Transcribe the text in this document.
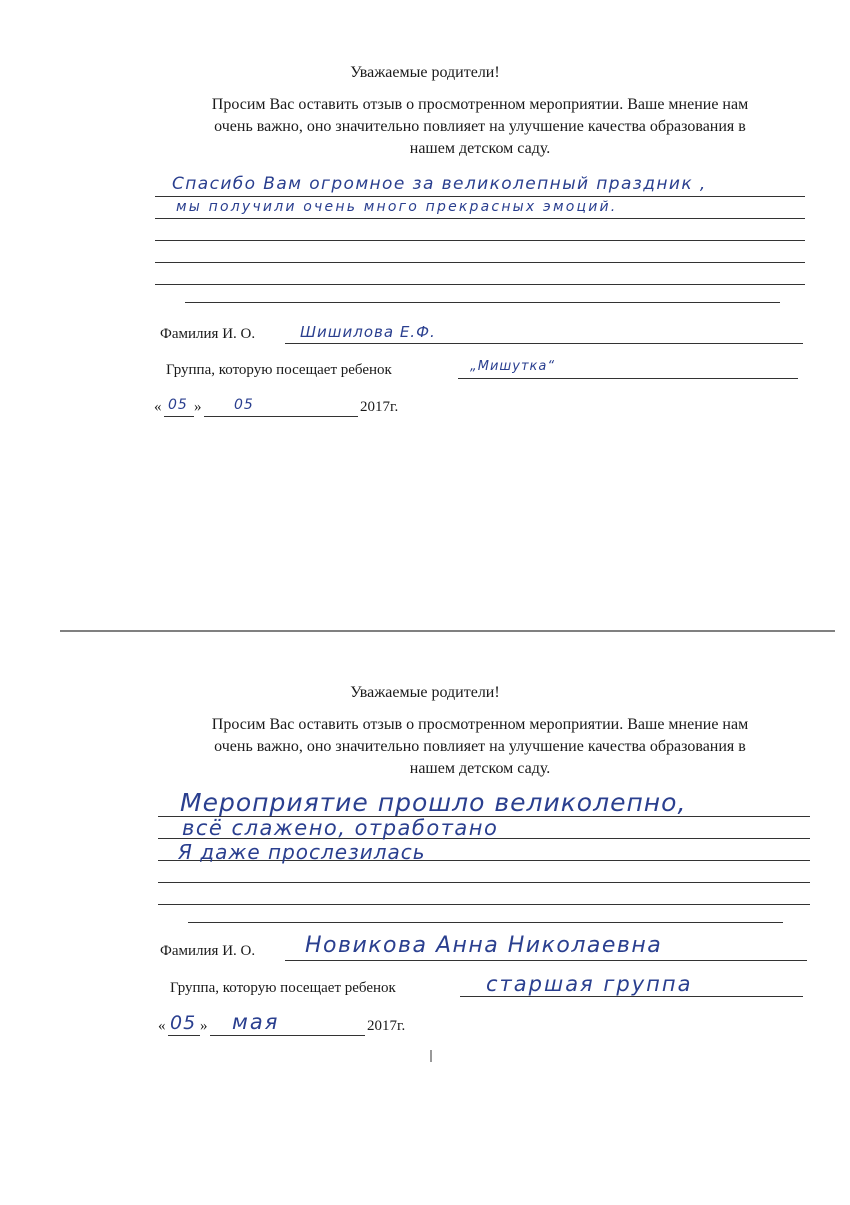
Уважаемые родители!
Просим Вас оставить отзыв о просмотренном мероприятии. Ваше мнение нам
очень важно, оно значительно повлияет на улучшение качества образования в
нашем детском саду.
Спасибо Вам огромное за великолепный праздник ,
мы получили очень много прекрасных эмоций.
Фамилия И. О.	Шишилова Е.Ф.
Группа, которую посещает ребенок	„Мишутка“
« 05 » 05	2017г.
Уважаемые родители!
Просим Вас оставить отзыв о просмотренном мероприятии. Ваше мнение нам
очень важно, оно значительно повлияет на улучшение качества образования в
нашем детском саду.
Мероприятие прошло великолепно,
всё слажено, отработано
Я даже прослезилась
Фамилия И. О. Новикова Анна Николаевна
Группа, которую посещает ребенок	старшая группа
« 05 » мая	2017г.
